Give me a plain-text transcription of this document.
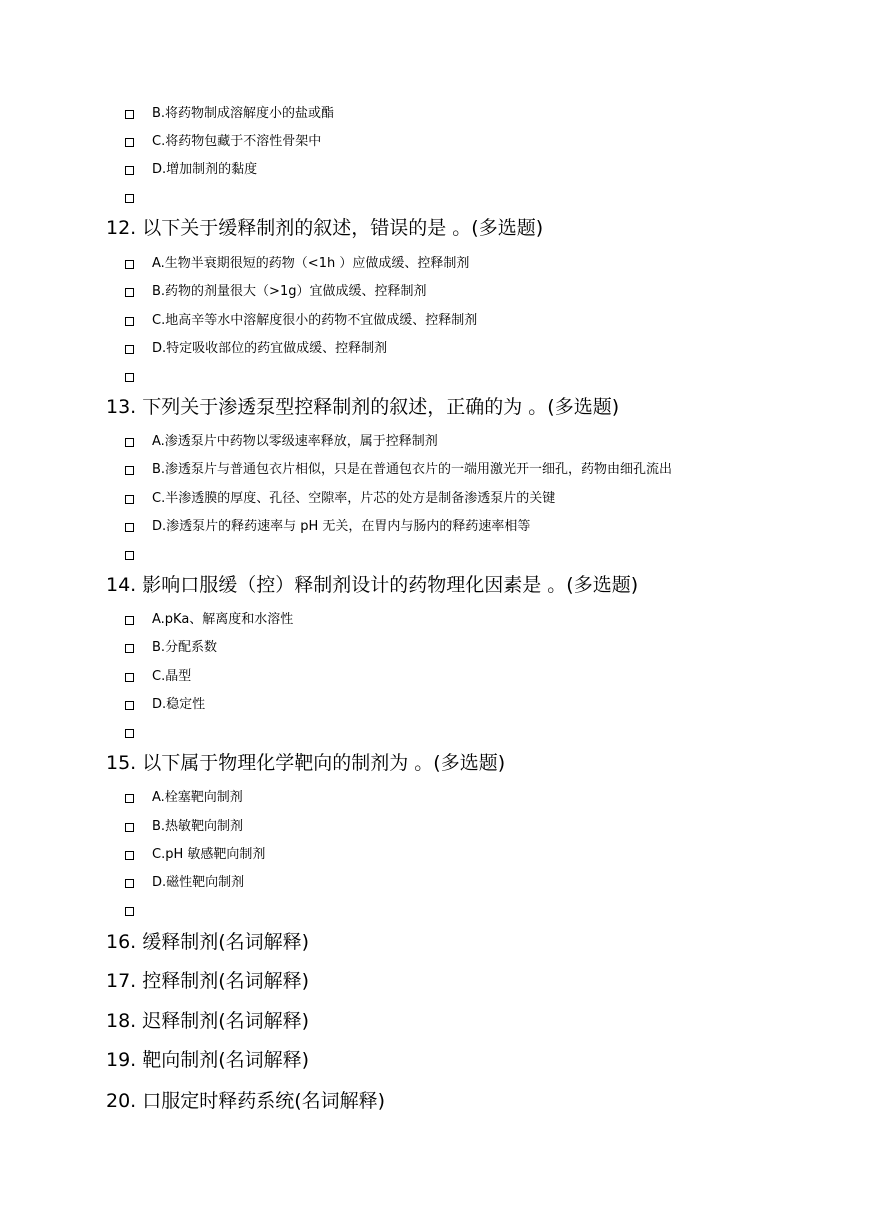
B.将药物制成溶解度小的盐或酯
C.将药物包藏于不溶性骨架中
D.增加制剂的黏度
12. 以下关于缓释制剂的叙述，错误的是 。(多选题)
A.生物半衰期很短的药物（<1h ）应做成缓、控释制剂
B.药物的剂量很大（>1g）宜做成缓、控释制剂
C.地高辛等水中溶解度很小的药物不宜做成缓、控释制剂
D.特定吸收部位的药宜做成缓、控释制剂
13. 下列关于渗透泵型控释制剂的叙述，正确的为 。(多选题)
A.渗透泵片中药物以零级速率释放，属于控释制剂
B.渗透泵片与普通包衣片相似，只是在普通包衣片的一端用激光开一细孔，药物由细孔流出
C.半渗透膜的厚度、孔径、空隙率，片芯的处方是制备渗透泵片的关键
D.渗透泵片的释药速率与 pH 无关，在胃内与肠内的释药速率相等
14. 影响口服缓（控）释制剂设计的药物理化因素是 。(多选题)
A.pKa、解离度和水溶性
B.分配系数
C.晶型
D.稳定性
15. 以下属于物理化学靶向的制剂为 。(多选题)
A.栓塞靶向制剂
B.热敏靶向制剂
C.pH 敏感靶向制剂
D.磁性靶向制剂
16. 缓释制剂(名词解释)
17. 控释制剂(名词解释)
18. 迟释制剂(名词解释)
19. 靶向制剂(名词解释)
20. 口服定时释药系统(名词解释)
